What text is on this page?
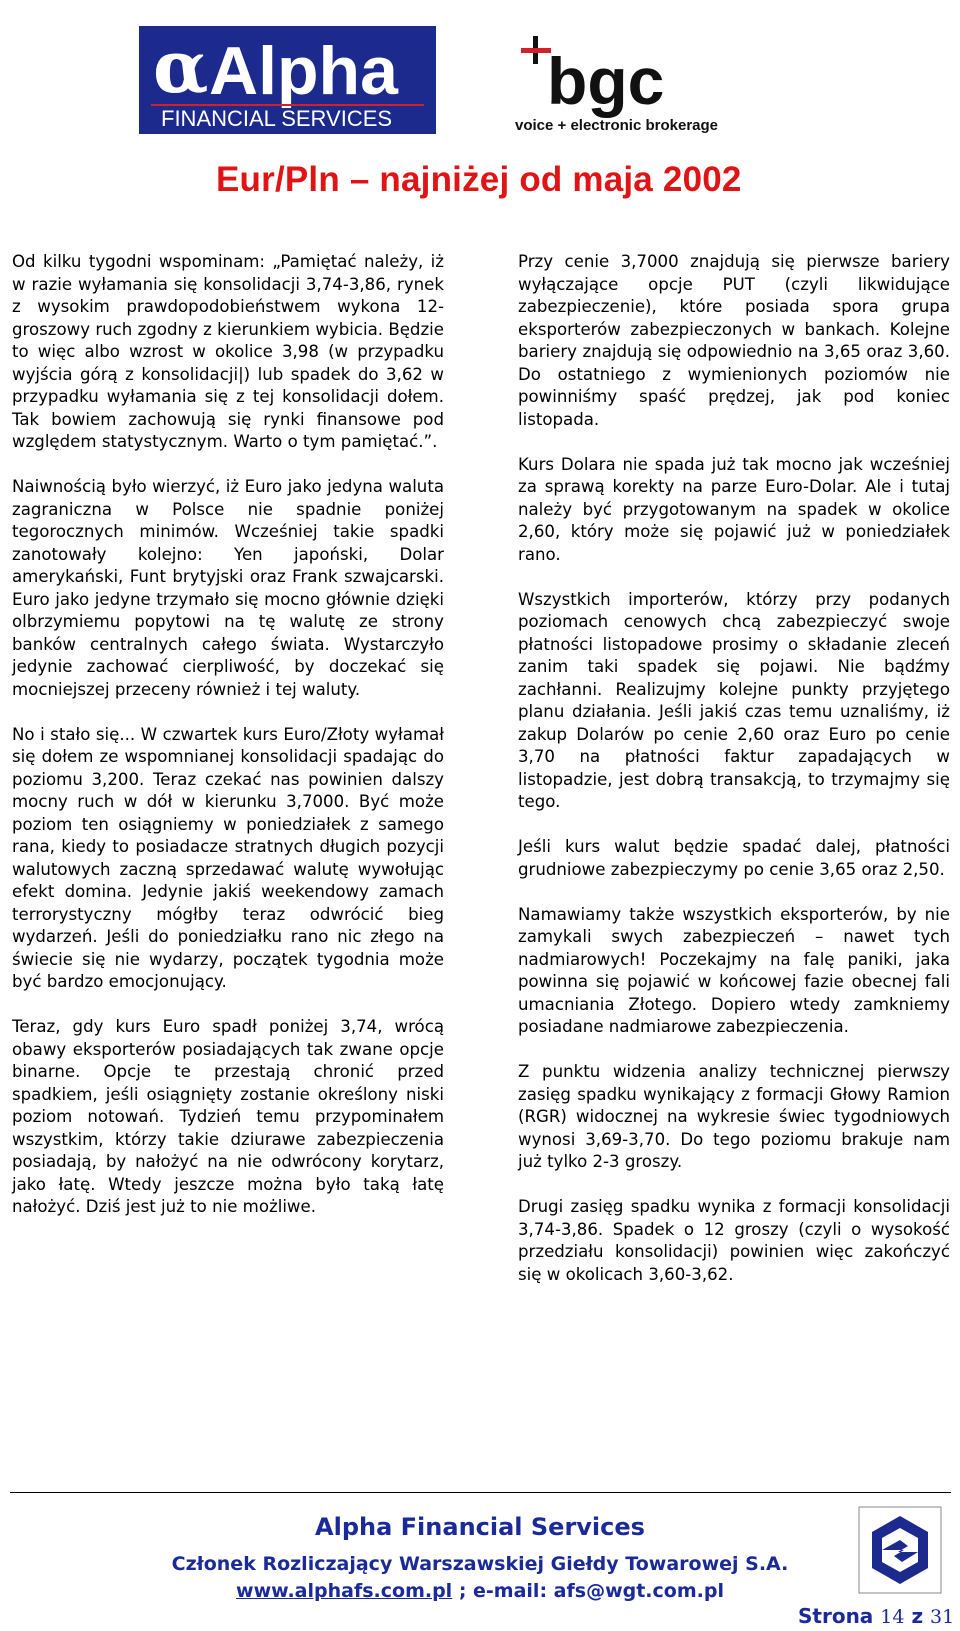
α Alpha
FINANCIAL SERVICES
bgc
voice + electronic brokerage
Eur/Pln – najniżej od maja 2002

Od kilku tygodni wspominam: „Pamiętać należy, iż w razie wyłamania się konsolidacji 3,74-3,86, rynek z wysokim prawdopodobieństwem wykona 12-groszowy ruch zgodny z kierunkiem wybicia. Będzie to więc albo wzrost w okolice 3,98 (w przypadku wyjścia górą z konsolidacji|) lub spadek do 3,62 w przypadku wyłamania się z tej konsolidacji dołem. Tak bowiem zachowują się rynki finansowe pod względem statystycznym. Warto o tym pamiętać.”.

Naiwnością było wierzyć, iż Euro jako jedyna waluta zagraniczna w Polsce nie spadnie poniżej tegorocznych minimów. Wcześniej takie spadki zanotowały kolejno: Yen japoński, Dolar amerykański, Funt brytyjski oraz Frank szwajcarski. Euro jako jedyne trzymało się mocno głównie dzięki olbrzymiemu popytowi na tę walutę ze strony banków centralnych całego świata. Wystarczyło jedynie zachować cierpliwość, by doczekać się mocniejszej przeceny również i tej waluty.

No i stało się... W czwartek kurs Euro/Złoty wyłamał się dołem ze wspomnianej konsolidacji spadając do poziomu 3,200. Teraz czekać nas powinien dalszy mocny ruch w dół w kierunku 3,7000. Być może poziom ten osiągniemy w poniedziałek z samego rana, kiedy to posiadacze stratnych długich pozycji walutowych zaczną sprzedawać walutę wywołując efekt domina. Jedynie jakiś weekendowy zamach terrorystyczny mógłby teraz odwrócić bieg wydarzeń. Jeśli do poniedziałku rano nic złego na świecie się nie wydarzy, początek tygodnia może być bardzo emocjonujący.

Teraz, gdy kurs Euro spadł poniżej 3,74, wrócą obawy eksporterów posiadających tak zwane opcje binarne. Opcje te przestają chronić przed spadkiem, jeśli osiągnięty zostanie określony niski poziom notowań. Tydzień temu przypominałem wszystkim, którzy takie dziurawe zabezpieczenia posiadają, by nałożyć na nie odwrócony korytarz, jako łatę. Wtedy jeszcze można było taką łatę nałożyć. Dziś jest już to nie możliwe.

Przy cenie 3,7000 znajdują się pierwsze bariery wyłączające opcje PUT (czyli likwidujące zabezpieczenie), które posiada spora grupa eksporterów zabezpieczonych w bankach. Kolejne bariery znajdują się odpowiednio na 3,65 oraz 3,60. Do ostatniego z wymienionych poziomów nie powinniśmy spaść prędzej, jak pod koniec listopada.

Kurs Dolara nie spada już tak mocno jak wcześniej za sprawą korekty na parze Euro-Dolar. Ale i tutaj należy być przygotowanym na spadek w okolice 2,60, który może się pojawić już w poniedziałek rano.

Wszystkich importerów, którzy przy podanych poziomach cenowych chcą zabezpieczyć swoje płatności listopadowe prosimy o składanie zleceń zanim taki spadek się pojawi. Nie bądźmy zachłanni. Realizujmy kolejne punkty przyjętego planu działania. Jeśli jakiś czas temu uznaliśmy, iż zakup Dolarów po cenie 2,60 oraz Euro po cenie 3,70 na płatności faktur zapadających w listopadzie, jest dobrą transakcją, to trzymajmy się tego.

Jeśli kurs walut będzie spadać dalej, płatności grudniowe zabezpieczymy po cenie 3,65 oraz 2,50.

Namawiamy także wszystkich eksporterów, by nie zamykali swych zabezpieczeń – nawet tych nadmiarowych! Poczekajmy na falę paniki, jaka powinna się pojawić w końcowej fazie obecnej fali umacniania Złotego. Dopiero wtedy zamkniemy posiadane nadmiarowe zabezpieczenia.

Z punktu widzenia analizy technicznej pierwszy zasięg spadku wynikający z formacji Głowy Ramion (RGR) widocznej na wykresie świec tygodniowych wynosi 3,69-3,70. Do tego poziomu brakuje nam już tylko 2-3 groszy.

Drugi zasięg spadku wynika z formacji konsolidacji 3,74-3,86. Spadek o 12 groszy (czyli o wysokość przedziału konsolidacji) powinien więc zakończyć się w okolicach 3,60-3,62.

Alpha Financial Services
Członek Rozliczający Warszawskiej Giełdy Towarowej S.A.
www.alphafs.com.pl ; e-mail: afs@wgt.com.pl
Strona 14 z 31
